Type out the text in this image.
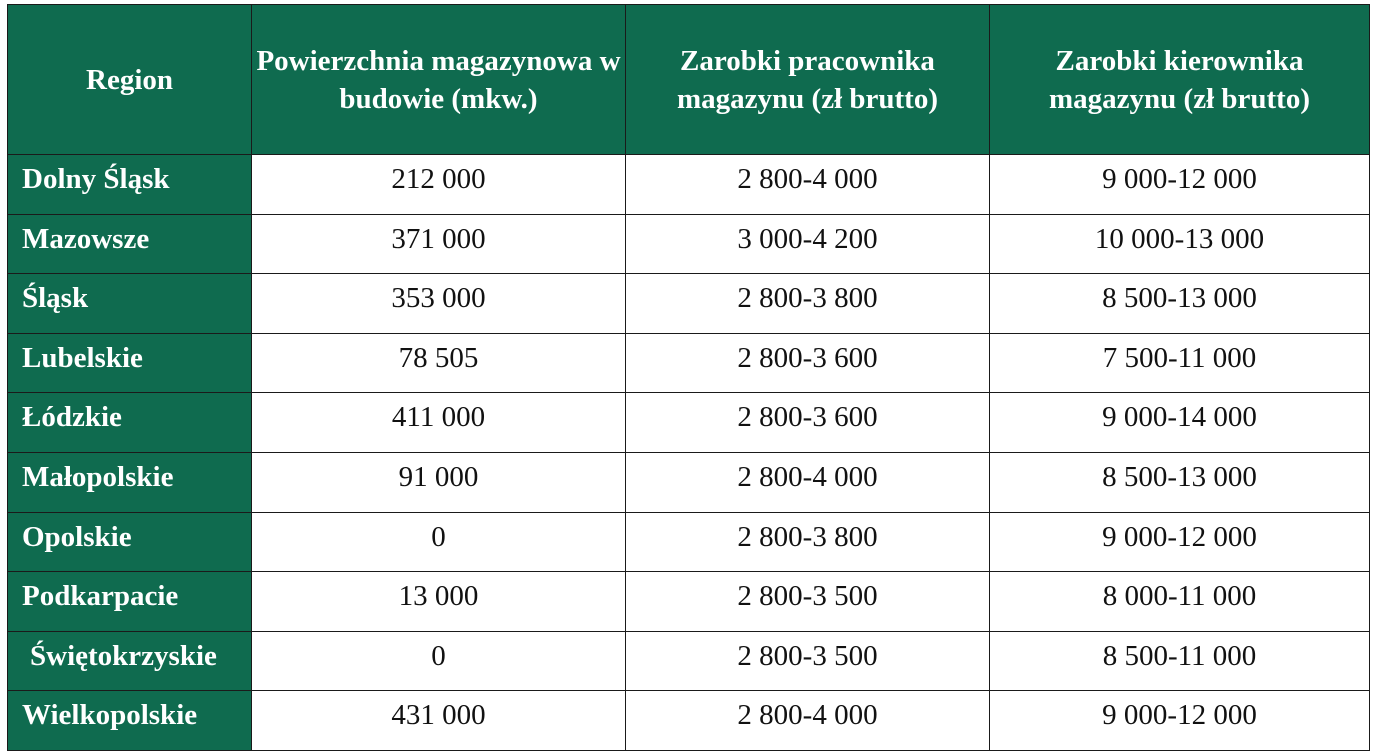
Region	Powierzchnia magazynowa w budowie (mkw.)	Zarobki pracownika magazynu (zł brutto)	Zarobki kierownika magazynu (zł brutto)
Dolny Śląsk	212 000	2 800-4 000	9 000-12 000
Mazowsze	371 000	3 000-4 200	10 000-13 000
Śląsk	353 000	2 800-3 800	8 500-13 000
Lubelskie	78 505	2 800-3 600	7 500-11 000
Łódzkie	411 000	2 800-3 600	9 000-14 000
Małopolskie	91 000	2 800-4 000	8 500-13 000
Opolskie	0	2 800-3 800	9 000-12 000
Podkarpacie	13 000	2 800-3 500	8 000-11 000
Świętokrzyskie	0	2 800-3 500	8 500-11 000
Wielkopolskie	431 000	2 800-4 000	9 000-12 000
